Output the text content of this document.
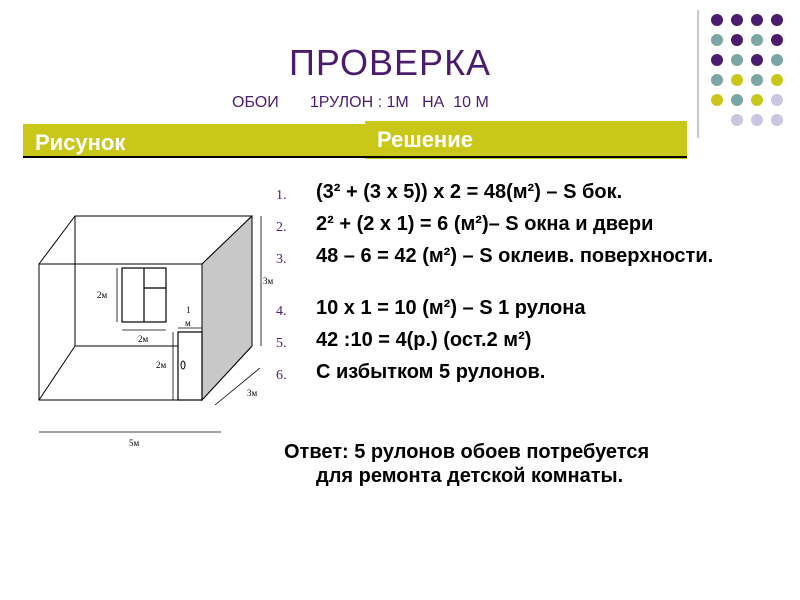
ПРОВЕРКА
ОБОИ       1РУЛОН : 1М   НА  10 М
Рисунок	Решение
2м
2м
1
м
2м
3м
3м
5м
1. (3² + (3 х 5)) х 2 = 48(м²) – S бок.
2. 2² + (2 х 1) = 6 (м²)– S окна и двери
3. 48 – 6 = 42 (м²) – S оклеив. поверхности.
4. 10 х 1 = 10 (м²) – S 1 рулона
5. 42 :10 = 4(р.) (ост.2 м²)
6. С избытком 5 рулонов.
Ответ: 5 рулонов обоев потребуется
для ремонта детской комнаты.
